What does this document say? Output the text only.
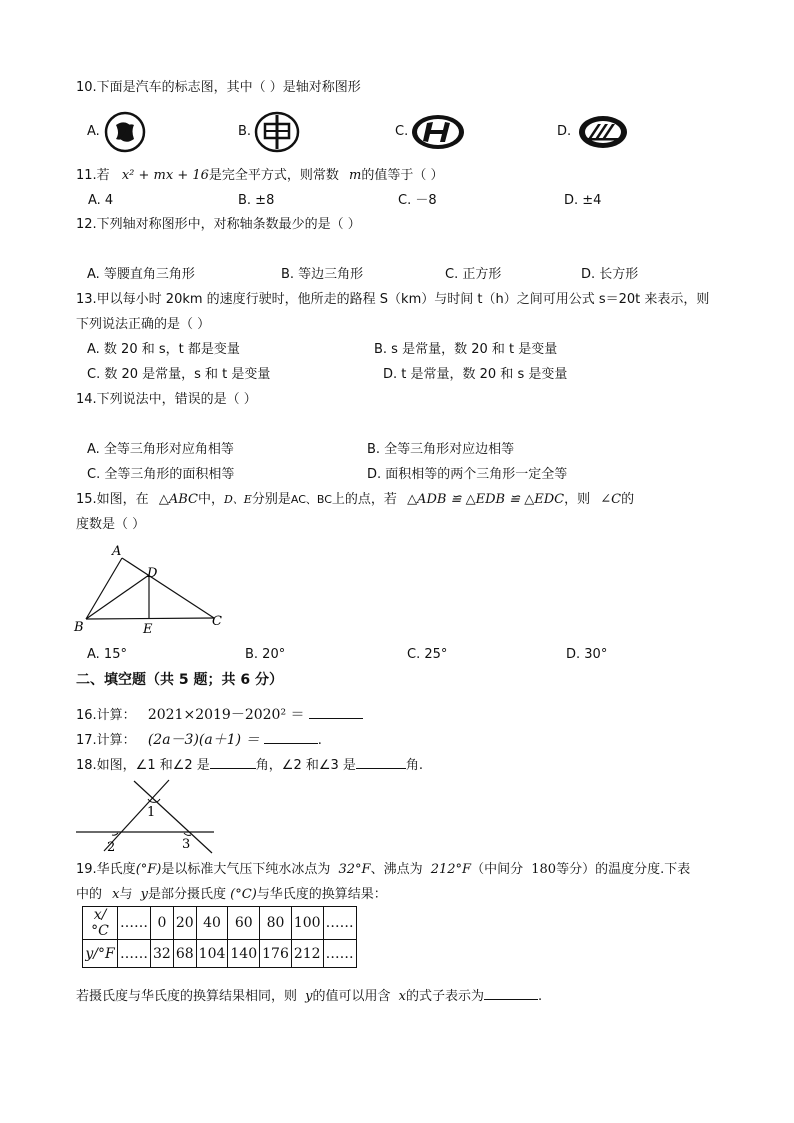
10.下面是汽车的标志图，其中（ ）是轴对称图形
A.	B.	C.	D.
11.若 x² + mx + 16是完全平方式，则常数 m的值等于（ ）
A. 4	B. ±8	C. －8	D. ±4
12.下列轴对称图形中，对称轴条数最少的是（ ）
A. 等腰直角三角形	B. 等边三角形	C. 正方形	D. 长方形
13.甲以每小时 20km 的速度行驶时，他所走的路程 S（km）与时间 t（h）之间可用公式 s＝20t 来表示，则
下列说法正确的是（ ）
A. 数 20 和 s，t 都是变量	B. s 是常量，数 20 和 t 是变量
C. 数 20 是常量，s 和 t 是变量	D. t 是常量，数 20 和 s 是变量
14.下列说法中，错误的是（ ）
A. 全等三角形对应角相等	B. 全等三角形对应边相等
C. 全等三角形的面积相等	D. 面积相等的两个三角形一定全等
15.如图，在 △ABC中，D、E分别是AC、BC上的点，若 △ADB ≌ △EDB ≌ △EDC，则 ∠C的
度数是（ ）
A
B	C
D
E
A. 15°	B. 20°	C. 25°	D. 30°
二、填空题（共 5 题；共 6 分）
16.计算： 2021×2019－2020² ＝
17.计算： (2a－3)(a＋1) ＝	.
18.如图，∠1 和∠2 是	角，∠2 和∠3 是	角.
1
2	3
19.华氏度(°F)是以标准大气压下纯水冰点为 32°F、沸点为 212°F（中间分 180等分）的温度分度.下表
中的 x与 y是部分摄氏度 (°C)与华氏度的换算结果：
x/°C	……	0	20	40	60	80	100	……
y/°F	……	32	68	104	140	176	212	……
若摄氏度与华氏度的换算结果相同，则 y的值可以用含 x的式子表示为	.
